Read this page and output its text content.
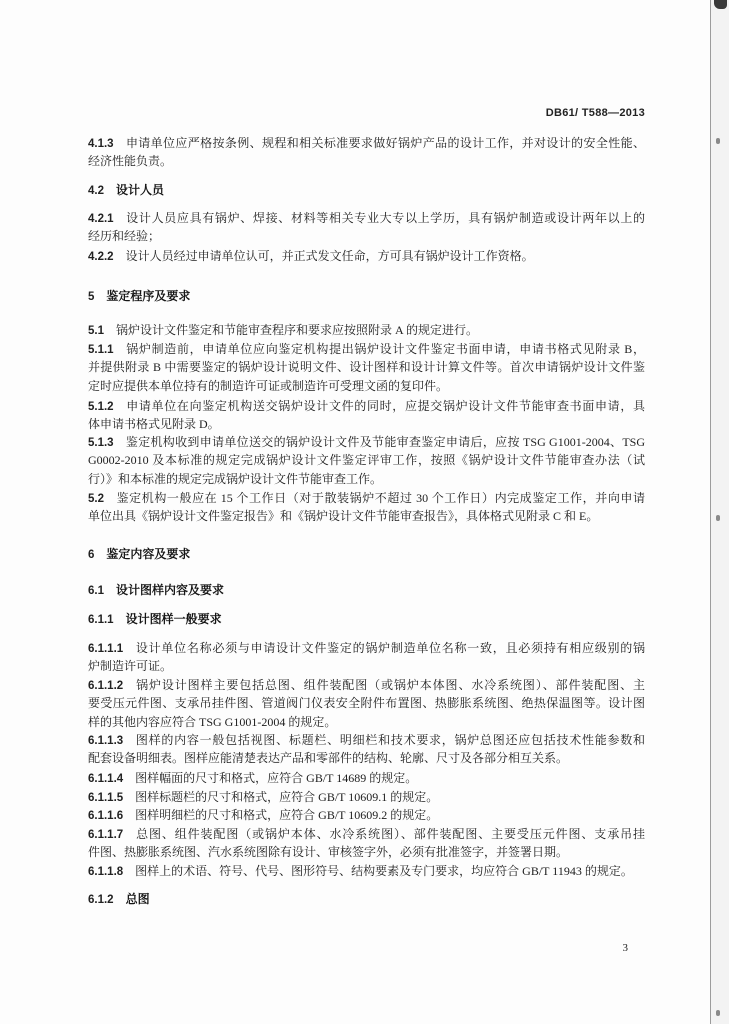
DB61/ T588—2013
4.1.3 申请单位应严格按条例、规程和相关标准要求做好锅炉产品的设计工作，并对设计的安全性能、
经济性能负责。
4.2 设计人员
4.2.1 设计人员应具有锅炉、焊接、材料等相关专业大专以上学历，具有锅炉制造或设计两年以上的
经历和经验；
4.2.2 设计人员经过申请单位认可，并正式发文任命，方可具有锅炉设计工作资格。
5 鉴定程序及要求
5.1 锅炉设计文件鉴定和节能审查程序和要求应按照附录 A 的规定进行。
5.1.1 锅炉制造前，申请单位应向鉴定机构提出锅炉设计文件鉴定书面申请，申请书格式见附录 B，
并提供附录 B 中需要鉴定的锅炉设计说明文件、设计图样和设计计算文件等。首次申请锅炉设计文件鉴
定时应提供本单位持有的制造许可证或制造许可受理文函的复印件。
5.1.2 申请单位在向鉴定机构送交锅炉设计文件的同时，应提交锅炉设计文件节能审查书面申请，具
体申请书格式见附录 D。
5.1.3 鉴定机构收到申请单位送交的锅炉设计文件及节能审查鉴定申请后，应按 TSG G1001-2004、TSG
G0002-2010 及本标准的规定完成锅炉设计文件鉴定评审工作，按照《锅炉设计文件节能审查办法（试
行）》和本标准的规定完成锅炉设计文件节能审查工作。
5.2 鉴定机构一般应在 15 个工作日（对于散装锅炉不超过 30 个工作日）内完成鉴定工作，并向申请
单位出具《锅炉设计文件鉴定报告》和《锅炉设计文件节能审查报告》，具体格式见附录 C 和 E。
6 鉴定内容及要求
6.1 设计图样内容及要求
6.1.1 设计图样一般要求
6.1.1.1 设计单位名称必须与申请设计文件鉴定的锅炉制造单位名称一致，且必须持有相应级别的锅
炉制造许可证。
6.1.1.2 锅炉设计图样主要包括总图、组件装配图（或锅炉本体图、水冷系统图）、部件装配图、主
要受压元件图、支承吊挂件图、管道阀门仪表安全附件布置图、热膨胀系统图、绝热保温图等。设计图
样的其他内容应符合 TSG G1001-2004 的规定。
6.1.1.3 图样的内容一般包括视图、标题栏、明细栏和技术要求，锅炉总图还应包括技术性能参数和
配套设备明细表。图样应能清楚表达产品和零部件的结构、轮廓、尺寸及各部分相互关系。
6.1.1.4 图样幅面的尺寸和格式，应符合 GB/T 14689 的规定。
6.1.1.5 图样标题栏的尺寸和格式，应符合 GB/T 10609.1 的规定。
6.1.1.6 图样明细栏的尺寸和格式，应符合 GB/T 10609.2 的规定。
6.1.1.7 总图、组件装配图（或锅炉本体、水冷系统图）、部件装配图、主要受压元件图、支承吊挂
件图、热膨胀系统图、汽水系统图除有设计、审核签字外，必须有批准签字，并签署日期。
6.1.1.8 图样上的术语、符号、代号、图形符号、结构要素及专门要求，均应符合 GB/T 11943 的规定。
6.1.2 总图
3
